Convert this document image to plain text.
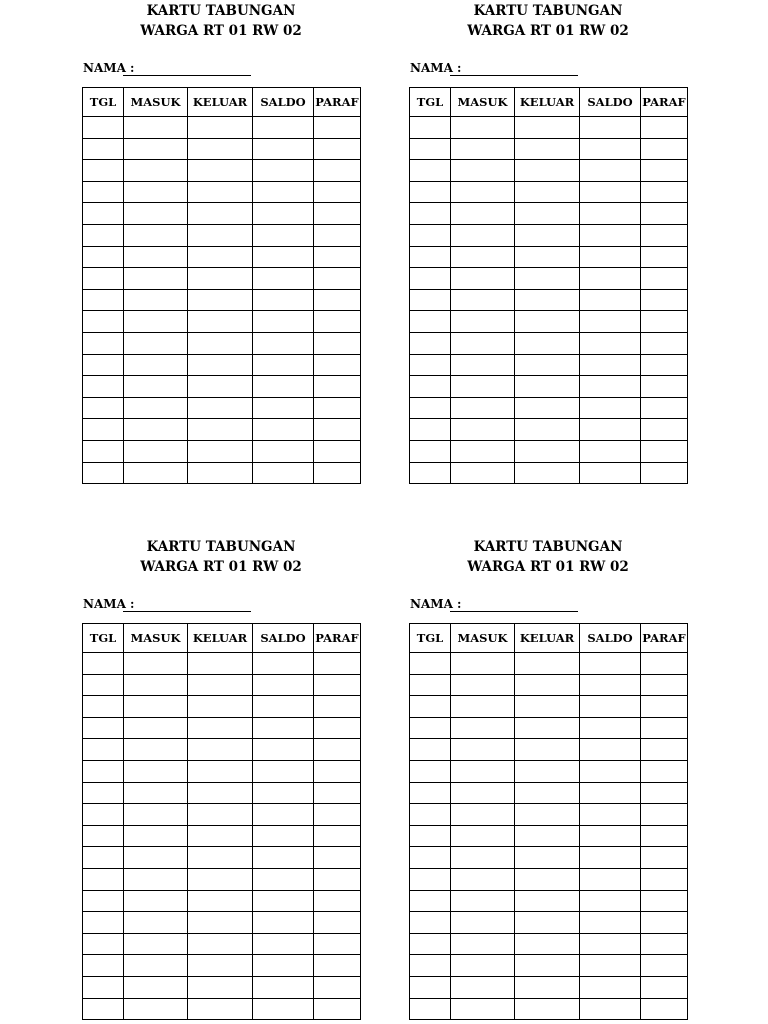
KARTU TABUNGAN
WARGA RT 01 RW 02
NAMA :
TGL	MASUK	KELUAR	SALDO	PARAF

KARTU TABUNGAN
WARGA RT 01 RW 02
NAMA :
TGL	MASUK	KELUAR	SALDO	PARAF

KARTU TABUNGAN
WARGA RT 01 RW 02
NAMA :
TGL	MASUK	KELUAR	SALDO	PARAF

KARTU TABUNGAN
WARGA RT 01 RW 02
NAMA :
TGL	MASUK	KELUAR	SALDO	PARAF
